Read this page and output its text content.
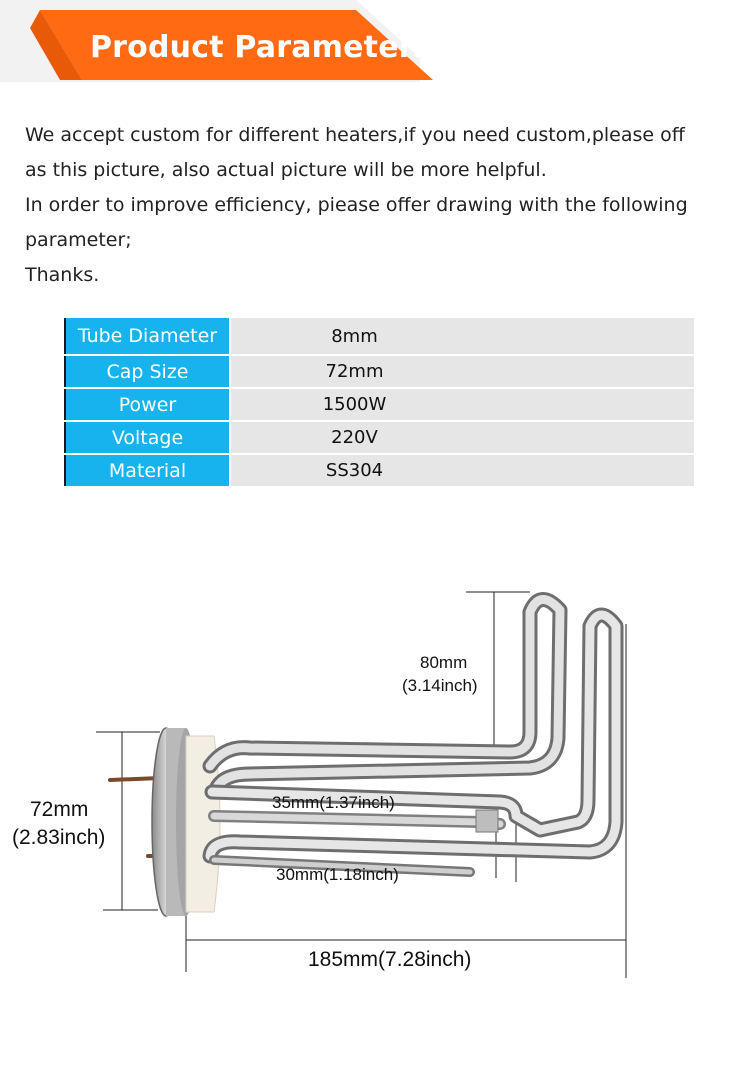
Product Parameters

We accept custom for different heaters,if you need custom,please off

as this picture, also actual picture will be more helpful.

In order to improve efficiency, piease offer drawing with the following

parameter;

Thanks.

Tube Diameter	8mm
Cap Size	72mm
Power	1500W
Voltage	220V
Material	SS304
80mm
(3.14inch)
72mm
(2.83inch)
35mm(1.37inch)
30mm(1.18inch)
185mm(7.28inch)
